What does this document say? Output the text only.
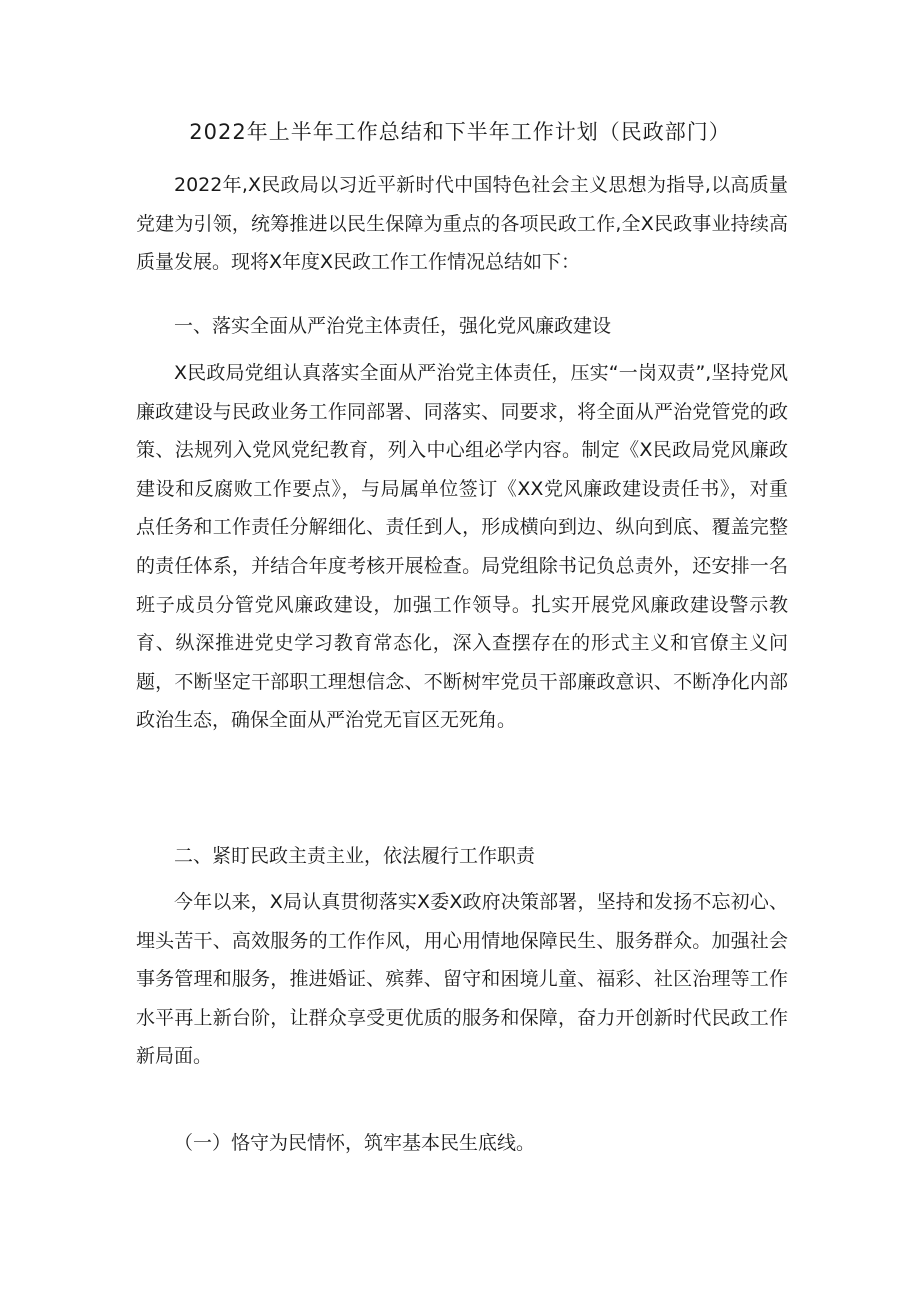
2022年上半年工作总结和下半年工作计划（民政部门）

2022年,X民政局以习近平新时代中国特色社会主义思想为指导,以高质量党建为引领，统筹推进以民生保障为重点的各项民政工作,全X民政事业持续高质量发展。现将X年度X民政工作工作情况总结如下：

一、落实全面从严治党主体责任，强化党风廉政建设

X民政局党组认真落实全面从严治党主体责任，压实“一岗双责”,坚持党风廉政建设与民政业务工作同部署、同落实、同要求，将全面从严治党管党的政策、法规列入党风党纪教育，列入中心组必学内容。制定《X民政局党风廉政建设和反腐败工作要点》，与局属单位签订《XX党风廉政建设责任书》，对重点任务和工作责任分解细化、责任到人，形成横向到边、纵向到底、覆盖完整的责任体系，并结合年度考核开展检查。局党组除书记负总责外，还安排一名班子成员分管党风廉政建设，加强工作领导。扎实开展党风廉政建设警示教育、纵深推进党史学习教育常态化，深入查摆存在的形式主义和官僚主义问题，不断坚定干部职工理想信念、不断树牢党员干部廉政意识、不断净化内部政治生态，确保全面从严治党无盲区无死角。

二、紧盯民政主责主业，依法履行工作职责

今年以来，X局认真贯彻落实X委X政府决策部署，坚持和发扬不忘初心、埋头苦干、高效服务的工作作风，用心用情地保障民生、服务群众。加强社会事务管理和服务，推进婚证、殡葬、留守和困境儿童、福彩、社区治理等工作水平再上新台阶，让群众享受更优质的服务和保障，奋力开创新时代民政工作新局面。

（一）恪守为民情怀，筑牢基本民生底线。
